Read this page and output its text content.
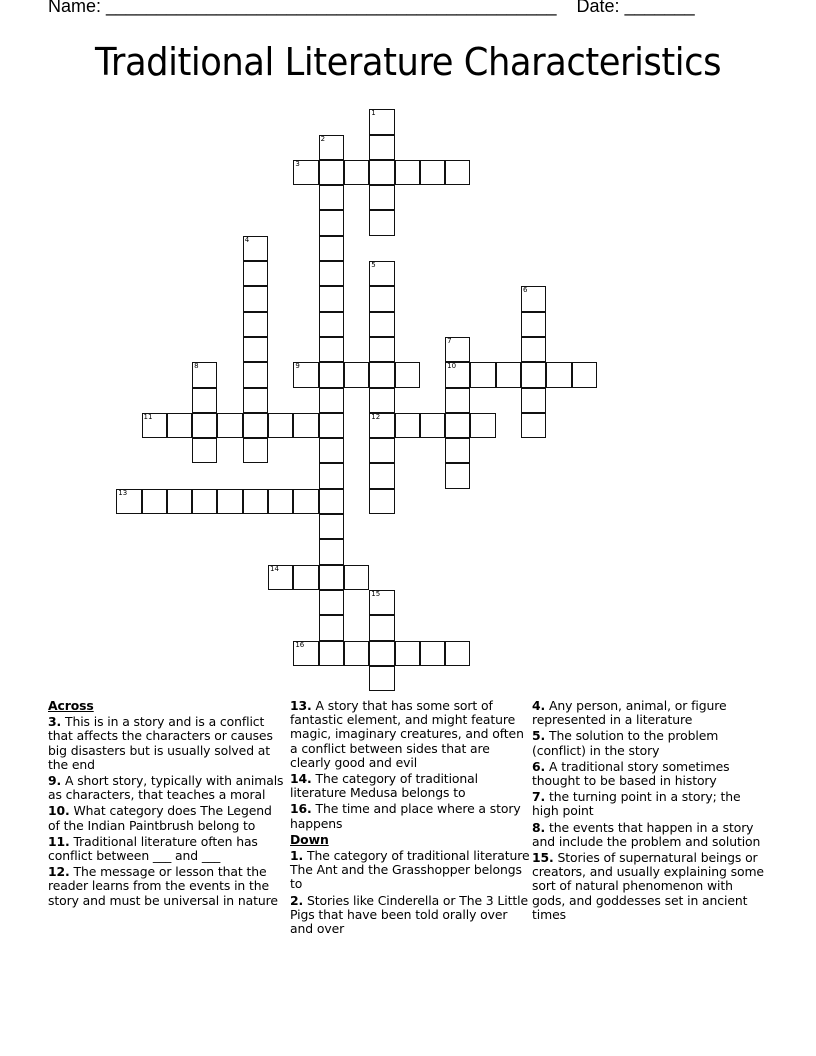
Name: _____________________________________________ Date: _______
Traditional Literature Characteristics
1
2
3
4
5
12
6
7
10
8	9
11
13
14
15
16
Across
3. This is in a story and is a conflict that affects the characters or causes big disasters but is usually solved at the end
9. A short story, typically with animals as characters, that teaches a moral
10. What category does The Legend of the Indian Paintbrush belong to
11. Traditional literature often has conflict between ___ and ___
12. The message or lesson that the reader learns from the events in the story and must be universal in nature
13. A story that has some sort of fantastic element, and might feature magic, imaginary creatures, and often a conflict between sides that are clearly good and evil
14. The category of traditional literature Medusa belongs to
16. The time and place where a story happens
Down
1. The category of traditional literature The Ant and the Grasshopper belongs to
2. Stories like Cinderella or The 3 Little Pigs that have been told orally over and over
4. Any person, animal, or figure represented in a literature
5. The solution to the problem (conflict) in the story
6. A traditional story sometimes thought to be based in history
7. the turning point in a story; the high point
8. the events that happen in a story and include the problem and solution
15. Stories of supernatural beings or creators, and usually explaining some sort of natural phenomenon with gods, and goddesses set in ancient times
